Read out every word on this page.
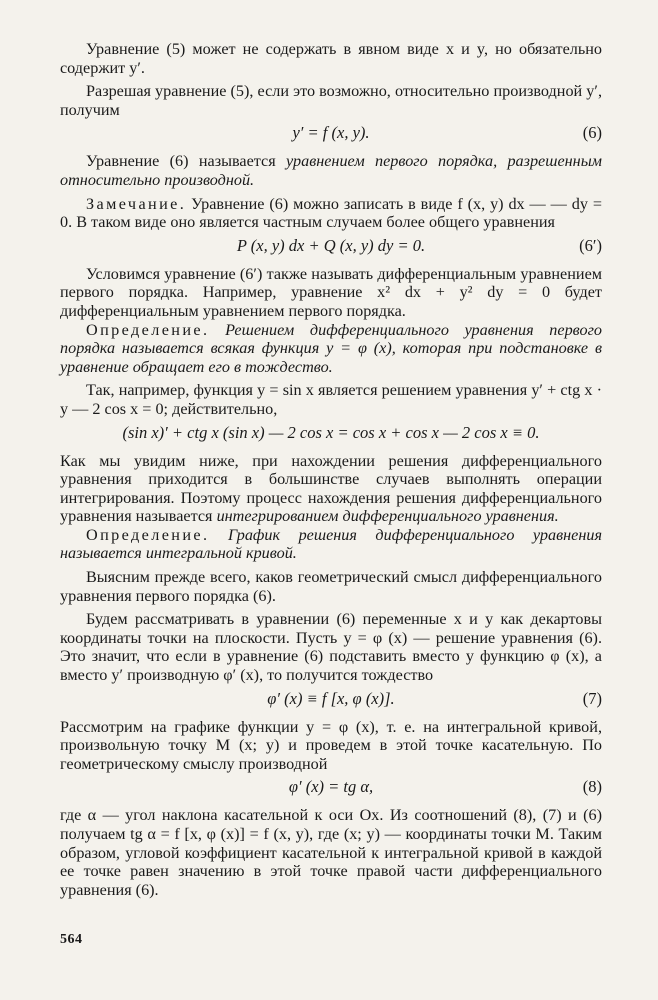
Уравнение (5) может не содержать в явном виде x и y, но обязательно содержит y′.

Разрешая уравнение (5), если это возможно, относительно производной y′, получим

y′ = f (x, y).	(6)

Уравнение (6) называется уравнением первого порядка, разрешенным относительно производной.

Замечание. Уравнение (6) можно записать в виде f (x, y) dx — — dy = 0. В таком виде оно является частным случаем более общего уравнения

P (x, y) dx + Q (x, y) dy = 0.	(6′)

Условимся уравнение (6′) также называть дифференциальным уравнением первого порядка. Например, уравнение x² dx + y² dy = 0 будет дифференциальным уравнением первого порядка.

Определение. Решением дифференциального уравнения первого порядка называется всякая функция y = φ (x), которая при подстановке в уравнение обращает его в тождество.

Так, например, функция y = sin x является решением уравнения y′ + ctg x · y — 2 cos x = 0; действительно,

(sin x)′ + ctg x (sin x) — 2 cos x = cos x + cos x — 2 cos x ≡ 0.

Как мы увидим ниже, при нахождении решения дифференциального уравнения приходится в большинстве случаев выполнять операции интегрирования. Поэтому процесс нахождения решения дифференциального уравнения называется интегрированием дифференциального уравнения.

Определение. График решения дифференциального уравнения называется интегральной кривой.

Выясним прежде всего, каков геометрический смысл дифференциального уравнения первого порядка (6).

Будем рассматривать в уравнении (6) переменные x и y как декартовы координаты точки на плоскости. Пусть y = φ (x) — решение уравнения (6). Это значит, что если в уравнение (6) подставить вместо y функцию φ (x), а вместо y′ производную φ′ (x), то получится тождество

φ′ (x) ≡ f [x, φ (x)].	(7)

Рассмотрим на графике функции y = φ (x), т. е. на интегральной кривой, произвольную точку M (x; y) и проведем в этой точке касательную. По геометрическому смыслу производной

φ′ (x) = tg α,	(8)

где α — угол наклона касательной к оси Ox. Из соотношений (8), (7) и (6) получаем tg α = f [x, φ (x)] = f (x, y), где (x; y) — координаты точки M. Таким образом, угловой коэффициент касательной к интегральной кривой в каждой ее точке равен значению в этой точке правой части дифференциального уравнения (6).

564
